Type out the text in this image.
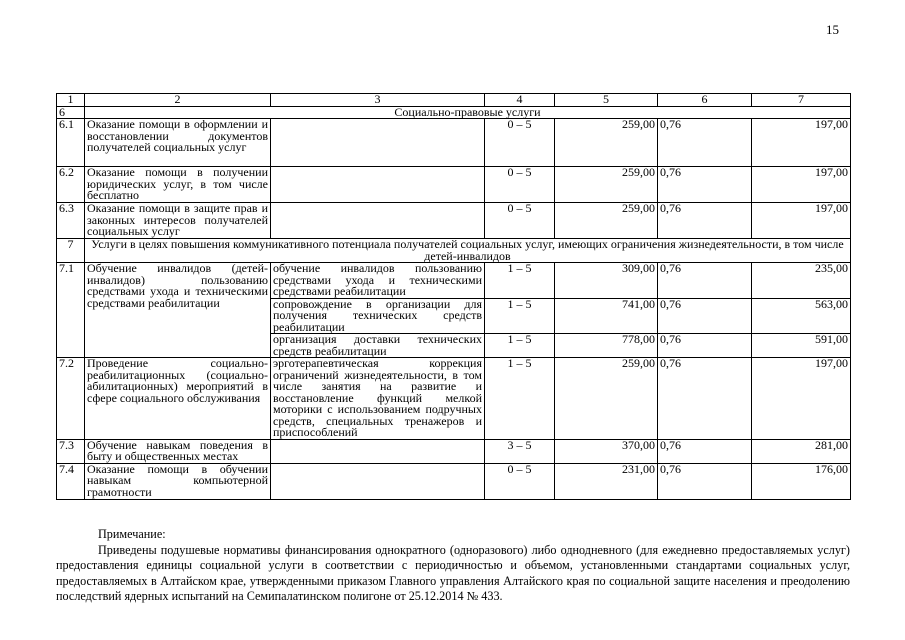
15
1	2	3	4	5	6	7
6	Социально-правовые услуги					
6.1	Оказание помощи в оформлении и восстановлении документов получателей социальных услуг		0 – 5	259,00	0,76	197,00
6.2	Оказание помощи в получении юридических услуг, в том числе бесплатно		0 – 5	259,00	0,76	197,00
6.3	Оказание помощи в защите прав и законных интересов получателей социальных услуг		0 – 5	259,00	0,76	197,00
7	Услуги в целях повышения коммуникативного потенциала получателей социальных услуг, имеющих ограничения жизнедеятельности, в том числе детей-инвалидов					
7.1	Обучение инвалидов (детей-инвалидов) пользованию средствами ухода и техническими средствами реабилитации	обучение инвалидов пользованию средствами ухода и техническими средствами реабилитации	1 – 5	309,00	0,76	235,00
		сопровождение в организации для получения технических средств реабилитации	1 – 5	741,00	0,76	563,00
		организация доставки технических средств реабилитации	1 – 5	778,00	0,76	591,00
7.2	Проведение социально-реабилитационных (социально-абилитационных) мероприятий в сфере социального обслуживания	эрготерапевтическая коррекция ограничений жизнедеятельности, в том числе занятия на развитие и восстановление функций мелкой моторики с использованием подручных средств, специальных тренажеров и приспособлений	1 – 5	259,00	0,76	197,00
7.3	Обучение навыкам поведения в быту и общественных местах		3 – 5	370,00	0,76	281,00
7.4	Оказание помощи в обучении навыкам компьютерной грамотности		0 – 5	231,00	0,76	176,00
Примечание:
Приведены подушевые нормативы финансирования однократного (одноразового) либо однодневного (для ежедневно предоставляемых услуг) предоставления единицы социальной услуги в соответствии с периодичностью и объемом, установленными стандартами социальных услуг, предоставляемых в Алтайском крае, утвержденными приказом Главного управления Алтайского края по социальной защите населения и преодолению последствий ядерных испытаний на Семипалатинском полигоне от 25.12.2014 № 433.
